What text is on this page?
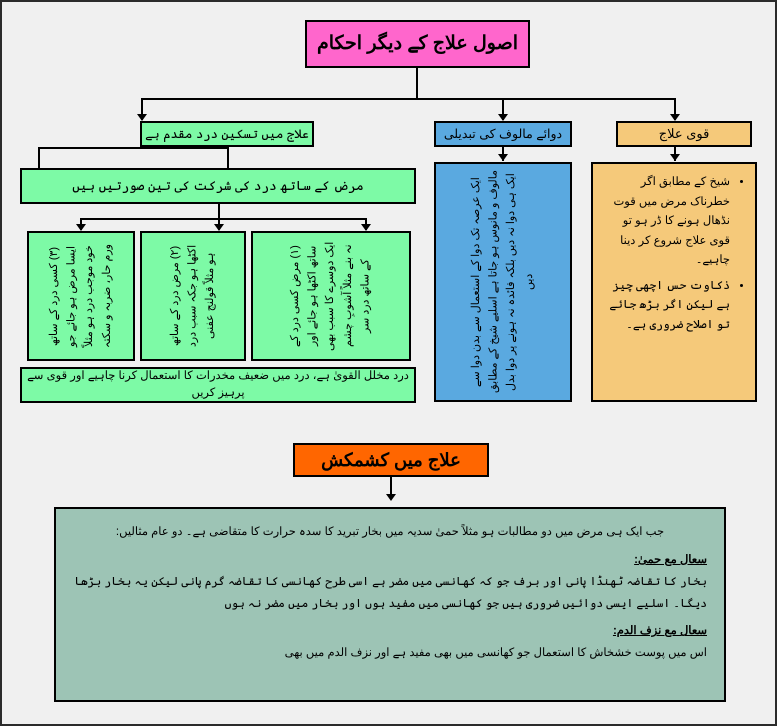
اصول علاج کے دیگر احکام
علاج میں تسکین درد مقدم ہے	دوائے مالوف کی تبدیلی	قوی علاج
مرض کے ساتھ درد کی شرکت کی تین صورتیں ہیں
(۳) کسی درد کے ساتھ ایسا مرض ہو جائے جو خود موجب درد ہو مثلاً ورم حار، ضربہ و سکتہ	(۲) مرض درد کے ساتھ اکٹھا ہو جکہ سبب درد ہو مثلاً قولنج عفنی	(۱) مرض کسی درد کے ساتھ اکٹھا ہو جائے اور ایک دوسرے کا سبب بھی نہ بنے مثلاً آشوبِ چشم کے ساتھ درد سر
درد مخلل القویٰ ہے، درد میں ضعیف مخدرات کا استعمال کرنا چاہیے اور قوی سے پرہیز کریں
ایک عرصہ تک دوا کے استعمال سے بدن دوا سے مالوف و مانوس ہو جاتا ہے اسلیے شیخ کے مطابق ایک ہی دوا نہ دیں بلکہ فائدہ نہ ہونے پر دوا بدل دیں
• شیخ کے مطابق اگر خطرناک مرض میں قوت نڈھال ہونے کا ڈر ہو تو قوی علاج شروع کر دینا چاہیے۔
• ذکاوت حس اچھی چیز ہے لیکن اگر بڑھ جائے تو اصلاح ضروری ہے۔
علاج میں کشمکش
جب ایک ہی مرض میں دو مطالبات ہو مثلاً حمیٰ سدیہ میں بخار تبرید کا سدہ حرارت کا متقاضی ہے۔ دو عام مثالیں:
سعال مع حمیٰ:
بخار کا تقاضہ ٹھنڈا پانی اور برف جو کہ کھانسی میں مضر ہے اسی طرح کھانسی کا تقاضہ گرم پانی لیکن یہ بخار بڑھا دیگا۔ اسلیے ایسی دوائیں ضروری ہیں جو کھانسی میں مفید ہوں اور بخار میں مضر نہ ہوں
سعال مع نزف الدم:
اس میں پوست خشخاش کا استعمال جو کھانسی میں بھی مفید ہے اور نزف الدم میں بھی
